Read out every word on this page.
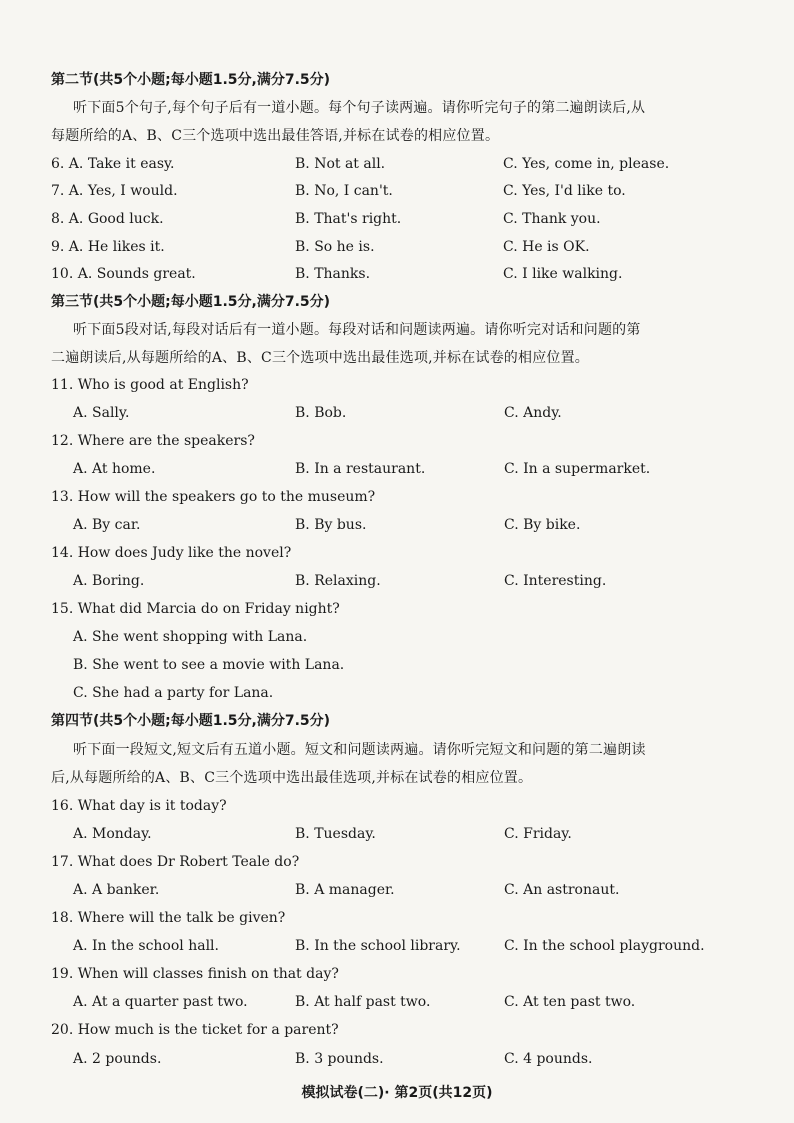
第二节(共5个小题;每小题1.5分,满分7.5分)
听下面5个句子,每个句子后有一道小题。每个句子读两遍。请你听完句子的第二遍朗读后,从
每题所给的A、B、C三个选项中选出最佳答语,并标在试卷的相应位置。
6. A. Take it easy.	B. Not at all.	C. Yes, come in, please.
7. A. Yes, I would.	B. No, I can't.	C. Yes, I'd like to.
8. A. Good luck.	B. That's right.	C. Thank you.
9. A. He likes it.	B. So he is.	C. He is OK.
10. A. Sounds great.	B. Thanks.	C. I like walking.
第三节(共5个小题;每小题1.5分,满分7.5分)
听下面5段对话,每段对话后有一道小题。每段对话和问题读两遍。请你听完对话和问题的第
二遍朗读后,从每题所给的A、B、C三个选项中选出最佳选项,并标在试卷的相应位置。
11. Who is good at English?
A. Sally.	B. Bob.	C. Andy.
12. Where are the speakers?
A. At home.	B. In a restaurant.	C. In a supermarket.
13. How will the speakers go to the museum?
A. By car.	B. By bus.	C. By bike.
14. How does Judy like the novel?
A. Boring.	B. Relaxing.	C. Interesting.
15. What did Marcia do on Friday night?
A. She went shopping with Lana.
B. She went to see a movie with Lana.
C. She had a party for Lana.
第四节(共5个小题;每小题1.5分,满分7.5分)
听下面一段短文,短文后有五道小题。短文和问题读两遍。请你听完短文和问题的第二遍朗读
后,从每题所给的A、B、C三个选项中选出最佳选项,并标在试卷的相应位置。
16. What day is it today?
A. Monday.	B. Tuesday.	C. Friday.
17. What does Dr Robert Teale do?
A. A banker.	B. A manager.	C. An astronaut.
18. Where will the talk be given?
A. In the school hall.	B. In the school library.	C. In the school playground.
19. When will classes finish on that day?
A. At a quarter past two.	B. At half past two.	C. At ten past two.
20. How much is the ticket for a parent?
A. 2 pounds.	B. 3 pounds.	C. 4 pounds.
模拟试卷(二)· 第2页(共12页)
